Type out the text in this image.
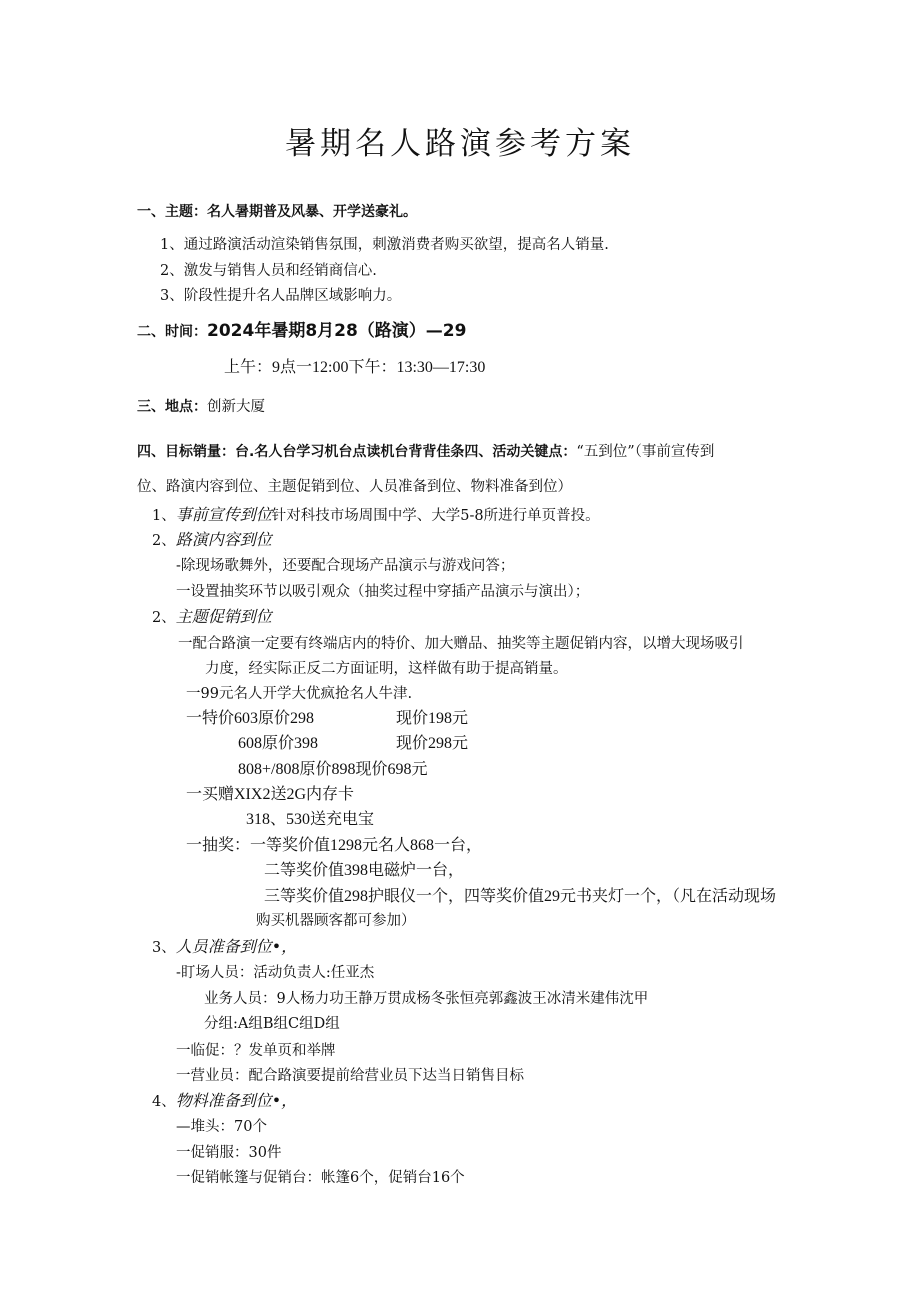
暑期名人路演参考方案
一、主题：名人暑期普及风暴、开学送豪礼。
1、通过路演活动渲染销售氛围，刺激消费者购买欲望，提高名人销量.
2、激发与销售人员和经销商信心.
3、阶段性提升名人品牌区域影响力。
二、时间：2024年暑期8月28（路演）—29
上午：9点一12:00下午：13:30—17:30
三、地点：创新大厦
四、目标销量：台.名人台学习机台点读机台背背佳条四、活动关键点：“五到位”（事前宣传到
位、路演内容到位、主题促销到位、人员准备到位、物料准备到位）
1、事前宣传到位针对科技市场周围中学、大学5-8所进行单页普投。
2、路演内容到位
-除现场歌舞外，还要配合现场产品演示与游戏问答；
一设置抽奖环节以吸引观众（抽奖过程中穿插产品演示与演出）；
2、主题促销到位
一配合路演一定要有终端店内的特价、加大赠品、抽奖等主题促销内容，以增大现场吸引
力度，经实际正反二方面证明，这样做有助于提高销量。
一99元名人开学大优疯抢名人牛津.
一特价603原价298	现价198元
608原价398	现价298元
808+/808原价898现价698元
一买赠XIX2送2G内存卡
318、530送充电宝
一抽奖：一等奖价值1298元名人868一台，
二等奖价值398电磁炉一台，
三等奖价值298护眼仪一个，四等奖价值29元书夹灯一个，（凡在活动现场
购买机器顾客都可参加）
3、人员准备到位•，
-盯场人员：活动负责人:任亚杰
业务人员：9人杨力功王静万贯成杨冬张恒亮郭鑫波王冰清米建伟沈甲
分组:A组B组C组D组
一临促：？发单页和举牌
一营业员：配合路演要提前给营业员下达当日销售目标
4、物料准备到位•，
—堆头：70个
一促销服：30件
一促销帐篷与促销台：帐篷6个，促销台16个
